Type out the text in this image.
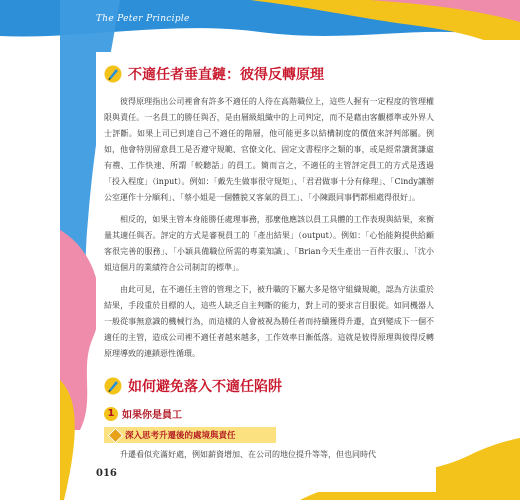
The Peter Principle
不適任者垂直鏈：彼得反轉原理

彼得原理指出公司裡會有許多不適任的人待在高階職位上，這些人握有一定程度的管理權限與責任。一名員工的勝任與否，是由層級組織中的上司判定，而不是藉由客觀標準或外界人士評斷。如果上司已到達自己不適任的階層，他可能更多以結構制度的價值來評判部屬。例如，他會特別留意員工是否遵守規範、官僚文化、固定文書程序之類的事，或是經常讚賞謙虛有禮、工作快速、所謂「較聽話」的員工。簡而言之，不適任的主管評定員工的方式是透過「投入程度」（input）。例如：「戴先生做事很守規矩」、「君君做事十分有條理」、「Cindy讓辦公室運作十分順利」、「蔡小姐是一個體貌又客氣的員工」、「小陳跟同事們都相處得很好」。

相反的，如果主管本身能勝任處理事務，那麼他應該以員工具體的工作表現與結果，來衡量其適任與否。評定的方式是審視員工的「產出結果」（output）。例如：「心怡能夠提供給顧客很完善的服務」、「小穎具備職位所需的專業知識」、「Brian今天生產出一百件衣服」、「沈小姐這個月的業績符合公司制訂的標準」。

由此可見，在不適任主管的管理之下，被升職的下屬大多是恪守組織規範，認為方法重於結果，手段重於目標的人，這些人缺乏自主判斷的能力，對上司的要求言目服從。如同機器人一般從事無意識的機械行為，而這樣的人會被視為勝任者而持續獲得升遷，直到變成下一個不適任的主管，造成公司裡不適任者越來越多，工作效率日漸低落。這就是彼得原理與彼得反轉原理導致的連鎖惡性循環。

如何避免落入不適任陷阱
1 如果你是員工
深入思考升遷後的處境與責任

升遷看似充滿好處，例如薪資增加、在公司的地位提升等等，但也同時代

016
